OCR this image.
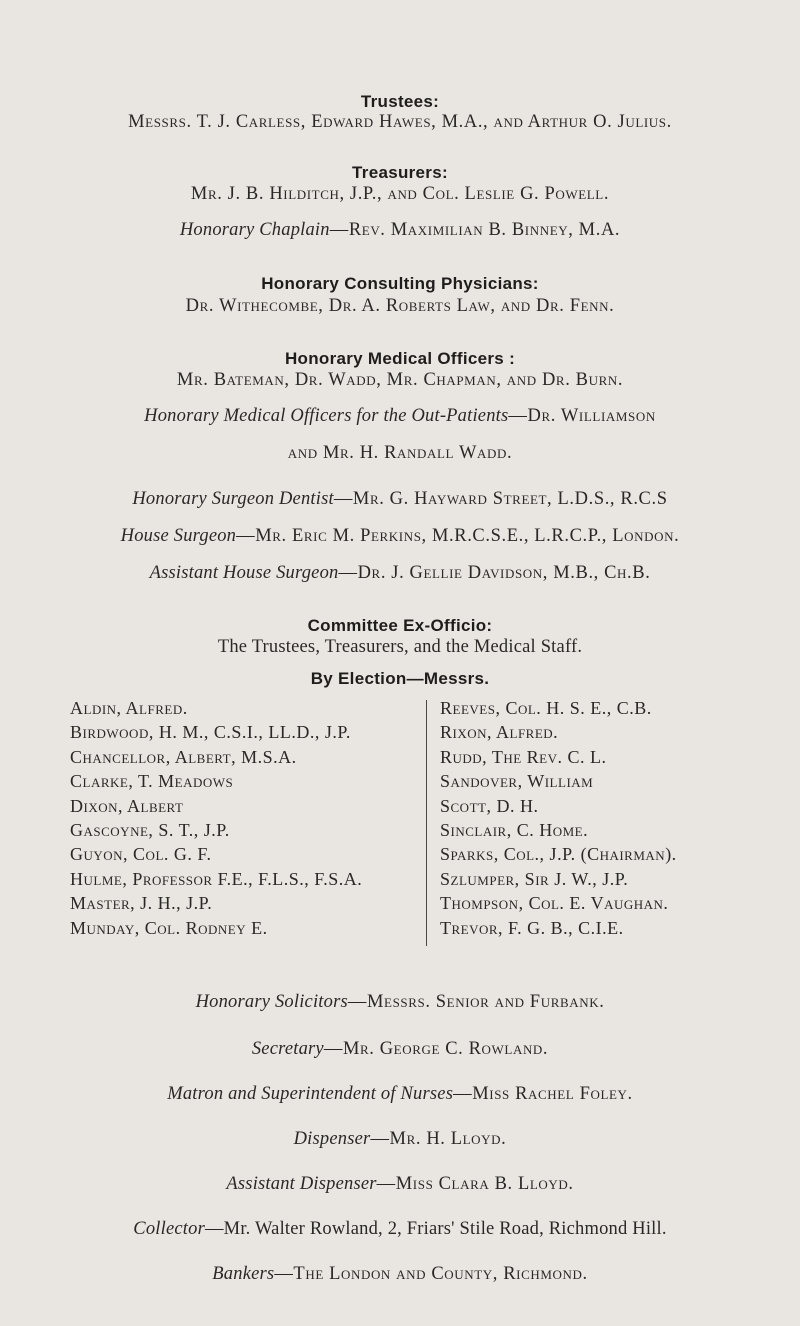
Trustees:
Messrs. T. J. Carless, Edward Hawes, M.A., and Arthur O. Julius.
Treasurers:
Mr. J. B. Hilditch, J.P., and Col. Leslie G. Powell.
Honorary Chaplain—Rev. Maximilian B. Binney, M.A.
Honorary Consulting Physicians:
Dr. Withecombe, Dr. A. Roberts Law, and Dr. Fenn.
Honorary Medical Officers :
Mr. Bateman, Dr. Wadd, Mr. Chapman, and Dr. Burn.
Honorary Medical Officers for the Out-Patients—Dr. Williamson
and Mr. H. Randall Wadd.
Honorary Surgeon Dentist—Mr. G. Hayward Street, L.D.S., R.C.S
House Surgeon—Mr. Eric M. Perkins, M.R.C.S.E., L.R.C.P., London.
Assistant House Surgeon—Dr. J. Gellie Davidson, M.B., Ch.B.
Committee Ex-Officio:
The Trustees, Treasurers, and the Medical Staff.
By Election—Messrs.
Aldin, Alfred.
Birdwood, H. M., C.S.I., LL.D., J.P.
Chancellor, Albert, M.S.A.
Clarke, T. Meadows
Dixon, Albert
Gascoyne, S. T., J.P.
Guyon, Col. G. F.
Hulme, Professor F.E., F.L.S., F.S.A.
Master, J. H., J.P.
Munday, Col. Rodney E.
Reeves, Col. H. S. E., C.B.
Rixon, Alfred.
Rudd, The Rev. C. L.
Sandover, William
Scott, D. H.
Sinclair, C. Home.
Sparks, Col., J.P. (Chairman).
Szlumper, Sir J. W., J.P.
Thompson, Col. E. Vaughan.
Trevor, F. G. B., C.I.E.
Honorary Solicitors—Messrs. Senior and Furbank.
Secretary—Mr. George C. Rowland.
Matron and Superintendent of Nurses—Miss Rachel Foley.
Dispenser—Mr. H. Lloyd.
Assistant Dispenser—Miss Clara B. Lloyd.
Collector—Mr. Walter Rowland, 2, Friars' Stile Road, Richmond Hill.
Bankers—The London and County, Richmond.
